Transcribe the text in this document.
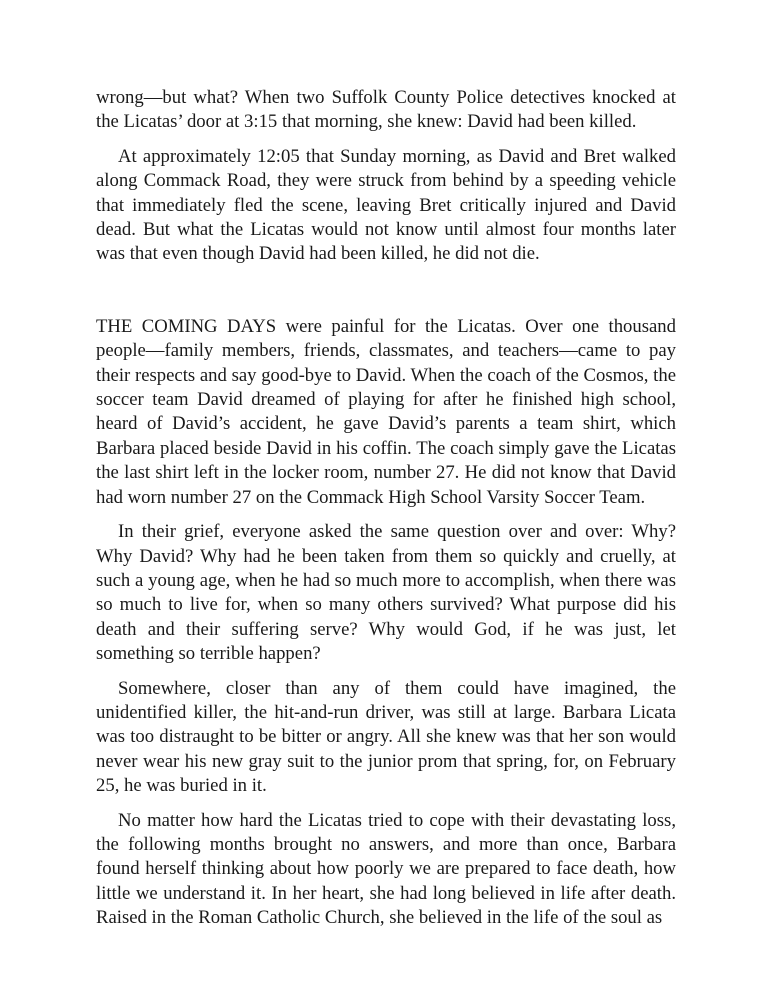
wrong—but what? When two Suffolk County Police detectives knocked at the Licatas’ door at 3:15 that morning, she knew: David had been killed.

At approximately 12:05 that Sunday morning, as David and Bret walked along Commack Road, they were struck from behind by a speeding vehicle that immediately fled the scene, leaving Bret critically injured and David dead. But what the Licatas would not know until almost four months later was that even though David had been killed, he did not die.

THE COMING DAYS were painful for the Licatas. Over one thousand people—family members, friends, classmates, and teachers—came to pay their respects and say good-bye to David. When the coach of the Cosmos, the soccer team David dreamed of playing for after he finished high school, heard of David’s accident, he gave David’s parents a team shirt, which Barbara placed beside David in his coffin. The coach simply gave the Licatas the last shirt left in the locker room, number 27. He did not know that David had worn number 27 on the Commack High School Varsity Soccer Team.

In their grief, everyone asked the same question over and over: Why? Why David? Why had he been taken from them so quickly and cruelly, at such a young age, when he had so much more to accomplish, when there was so much to live for, when so many others survived? What purpose did his death and their suffering serve? Why would God, if he was just, let something so terrible happen?

Somewhere, closer than any of them could have imagined, the unidentified killer, the hit-and-run driver, was still at large. Barbara Licata was too distraught to be bitter or angry. All she knew was that her son would never wear his new gray suit to the junior prom that spring, for, on February 25, he was buried in it.

No matter how hard the Licatas tried to cope with their devastating loss, the following months brought no answers, and more than once, Barbara found herself thinking about how poorly we are prepared to face death, how little we understand it. In her heart, she had long believed in life after death. Raised in the Roman Catholic Church, she believed in the life of the soul as
